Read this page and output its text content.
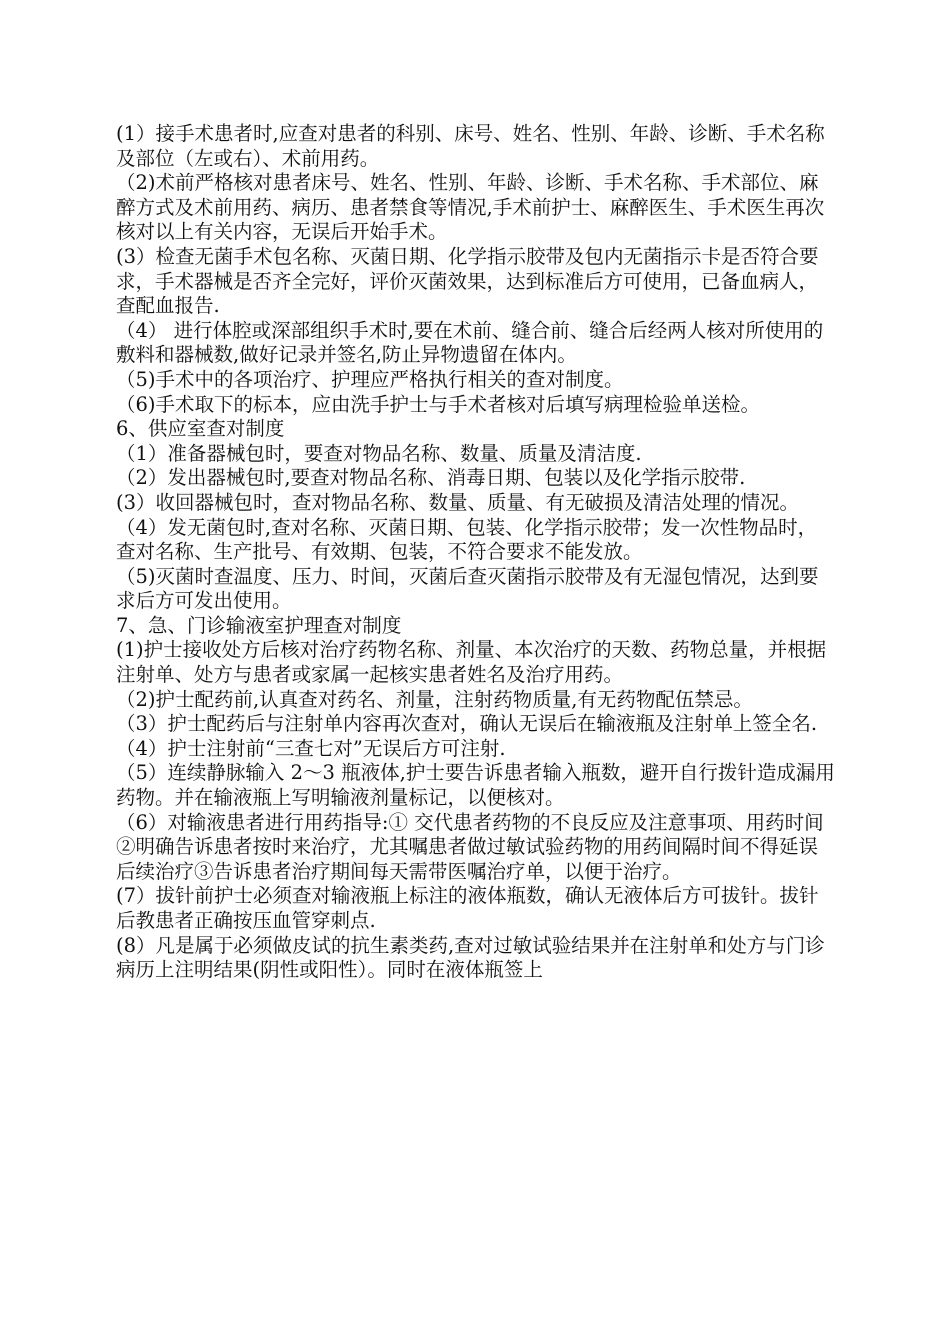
(1）接手术患者时,应查对患者的科别、床号、姓名、性别、年龄、诊断、手术名称及部位（左或右）、术前用药。

（2)术前严格核对患者床号、姓名、性别、年龄、诊断、手术名称、手术部位、麻醉方式及术前用药、病历、患者禁食等情况,手术前护士、麻醉医生、手术医生再次核对以上有关内容，无误后开始手术。

(3）检查无菌手术包名称、灭菌日期、化学指示胶带及包内无菌指示卡是否符合要求，手术器械是否齐全完好，评价灭菌效果，达到标准后方可使用，已备血病人，查配血报告.

（4） 进行体腔或深部组织手术时,要在术前、缝合前、缝合后经两人核对所使用的敷料和器械数,做好记录并签名,防止异物遗留在体内。

（5)手术中的各项治疗、护理应严格执行相关的查对制度。

（6)手术取下的标本，应由洗手护士与手术者核对后填写病理检验单送检。

6、供应室查对制度

（1）准备器械包时，要查对物品名称、数量、质量及清洁度.

（2）发出器械包时,要查对物品名称、消毒日期、包装以及化学指示胶带.

(3）收回器械包时，查对物品名称、数量、质量、有无破损及清洁处理的情况。

（4）发无菌包时,查对名称、灭菌日期、包装、化学指示胶带；发一次性物品时，查对名称、生产批号、有效期、包装，不符合要求不能发放。

（5)灭菌时查温度、压力、时间，灭菌后查灭菌指示胶带及有无湿包情况，达到要求后方可发出使用。

7、急、门诊输液室护理查对制度

(1)护士接收处方后核对治疗药物名称、剂量、本次治疗的天数、药物总量，并根据注射单、处方与患者或家属一起核实患者姓名及治疗用药。

（2)护士配药前,认真查对药名、剂量，注射药物质量,有无药物配伍禁忌。

（3）护士配药后与注射单内容再次查对，确认无误后在输液瓶及注射单上签全名.

（4）护士注射前“三查七对”无误后方可注射.

（5）连续静脉输入 2～3 瓶液体,护士要告诉患者输入瓶数，避开自行拨针造成漏用药物。并在输液瓶上写明输液剂量标记，以便核对。

（6）对输液患者进行用药指导:① 交代患者药物的不良反应及注意事项、用药时间②明确告诉患者按时来治疗，尤其嘱患者做过敏试验药物的用药间隔时间不得延误后续治疗③告诉患者治疗期间每天需带医嘱治疗单，以便于治疗。

(7）拔针前护士必须查对输液瓶上标注的液体瓶数，确认无液体后方可拔针。拔针后教患者正确按压血管穿刺点.

(8）凡是属于必须做皮试的抗生素类药,查对过敏试验结果并在注射单和处方与门诊病历上注明结果(阴性或阳性）。同时在液体瓶签上
